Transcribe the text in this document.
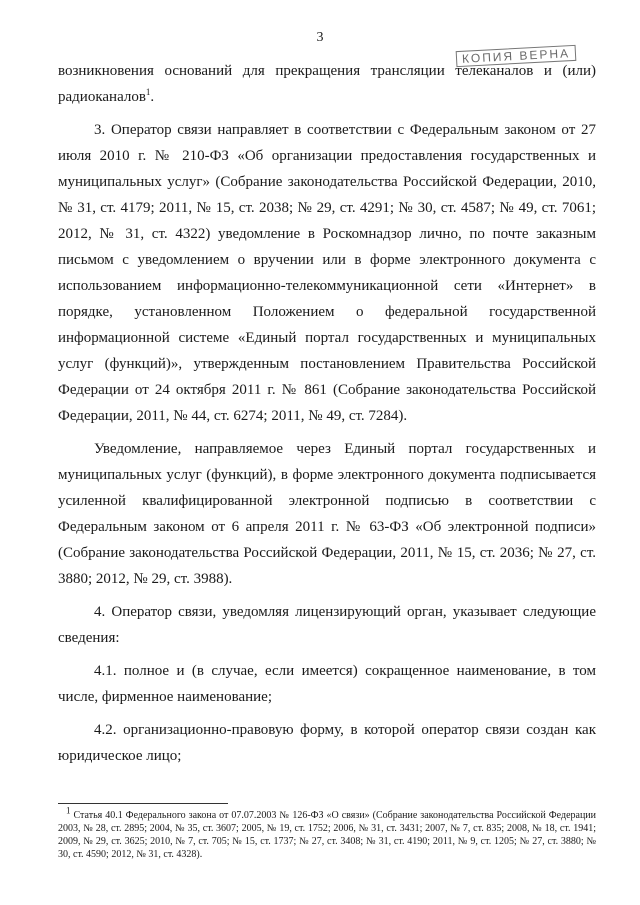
3
КОПИЯ ВЕРНА

возникновения оснований для прекращения трансляции телеканалов и (или) радиоканалов$^1$.

3. Оператор связи направляет в соответствии с Федеральным законом от 27 июля 2010 г. № 210-ФЗ «Об организации предоставления государственных и муниципальных услуг» (Собрание законодательства Российской Федерации, 2010, № 31, ст. 4179; 2011, № 15, ст. 2038; № 29, ст. 4291; № 30, ст. 4587; № 49, ст. 7061; 2012, № 31, ст. 4322) уведомление в Роскомнадзор лично, по почте заказным письмом с уведомлением о вручении или в форме электронного документа с использованием информационно-телекоммуникационной сети «Интернет» в порядке, установленном Положением о федеральной государственной информационной системе «Единый портал государственных и муниципальных услуг (функций)», утвержденным постановлением Правительства Российской Федерации от 24 октября 2011 г. № 861 (Собрание законодательства Российской Федерации, 2011, № 44, ст. 6274; 2011, № 49, ст. 7284).

Уведомление, направляемое через Единый портал государственных и муниципальных услуг (функций), в форме электронного документа подписывается усиленной квалифицированной электронной подписью в соответствии с Федеральным законом от 6 апреля 2011 г. № 63-ФЗ «Об электронной подписи» (Собрание законодательства Российской Федерации, 2011, № 15, ст. 2036; № 27, ст. 3880; 2012, № 29, ст. 3988).

4. Оператор связи, уведомляя лицензирующий орган, указывает следующие сведения:

4.1. полное и (в случае, если имеется) сокращенное наименование, в том числе, фирменное наименование;

4.2. организационно-правовую форму, в которой оператор связи создан как юридическое лицо;

$^1$ Статья 40.1 Федерального закона от 07.07.2003 № 126-ФЗ «О связи» (Собрание законодательства Российской Федерации 2003, № 28, ст. 2895; 2004, № 35, ст. 3607; 2005, № 19, ст. 1752; 2006, № 31, ст. 3431; 2007, № 7, ст. 835; 2008, № 18, ст. 1941; 2009, № 29, ст. 3625; 2010, № 7, ст. 705; № 15, ст. 1737; № 27, ст. 3408; № 31, ст. 4190; 2011, № 9, ст. 1205; № 27, ст. 3880; № 30, ст. 4590; 2012, № 31, ст. 4328).
